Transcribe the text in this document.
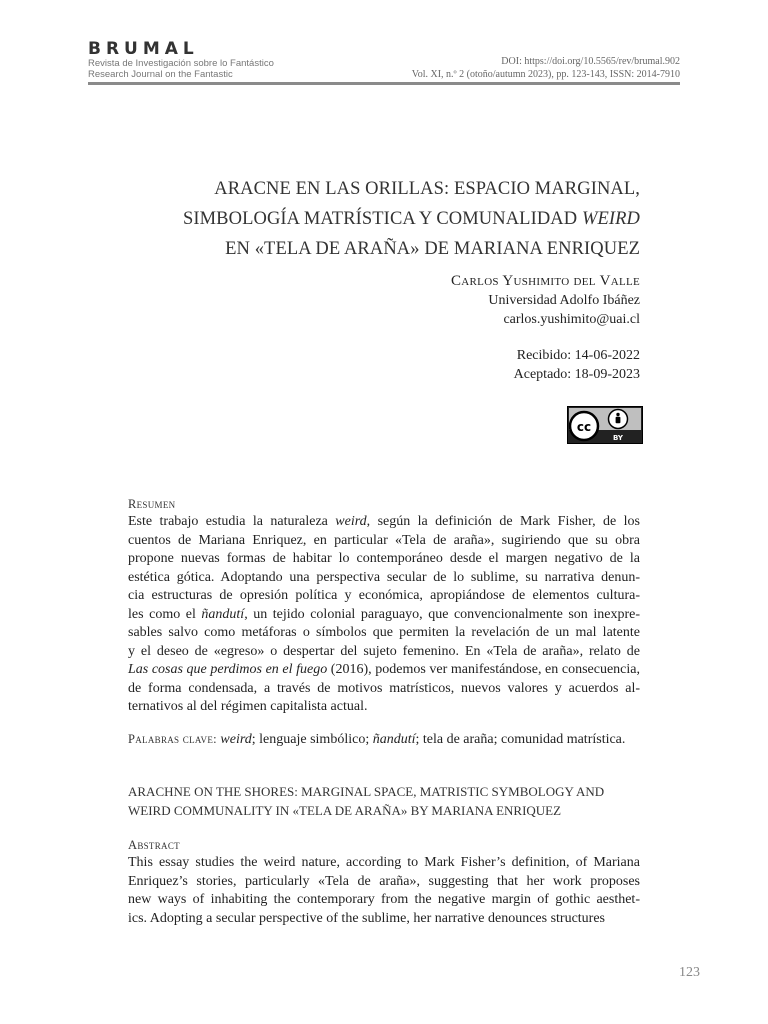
BRUMAL
Revista de Investigación sobre lo Fantástico
Research Journal on the Fantastic
DOI: https://doi.org/10.5565/rev/brumal.902
Vol. XI, n.º 2 (otoño/autumn 2023), pp. 123-143, ISSN: 2014-7910
ARACNE EN LAS ORILLAS: ESPACIO MARGINAL,
SIMBOLOGÍA MATRÍSTICA Y COMUNALIDAD WEIRD
EN «TELA DE ARAÑA» DE MARIANA ENRIQUEZ
Carlos Yushimito del Valle
Universidad Adolfo Ibáñez
carlos.yushimito@uai.cl
Recibido: 14-06-2022
Aceptado: 18-09-2023
cc
BY
Resumen
Este trabajo estudia la naturaleza weird, según la definición de Mark Fisher, de los
cuentos de Mariana Enriquez, en particular «Tela de araña», sugiriendo que su obra
propone nuevas formas de habitar lo contemporáneo desde el margen negativo de la
estética gótica. Adoptando una perspectiva secular de lo sublime, su narrativa denun-
cia estructuras de opresión política y económica, apropiándose de elementos cultura-
les como el ñandutí, un tejido colonial paraguayo, que convencionalmente son inexpre-
sables salvo como metáforas o símbolos que permiten la revelación de un mal latente
y el deseo de «egreso» o despertar del sujeto femenino. En «Tela de araña», relato de
Las cosas que perdimos en el fuego (2016), podemos ver manifestándose, en consecuencia,
de forma condensada, a través de motivos matrísticos, nuevos valores y acuerdos al-
ternativos al del régimen capitalista actual.
Palabras clave: weird; lenguaje simbólico; ñandutí; tela de araña; comunidad matrística.
ARACHNE ON THE SHORES: MARGINAL SPACE, MATRISTIC SYMBOLOGY AND
WEIRD COMMUNALITY IN «TELA DE ARAÑA» BY MARIANA ENRIQUEZ
Abstract
This essay studies the weird nature, according to Mark Fisher’s definition, of Mariana
Enriquez’s stories, particularly «Tela de araña», suggesting that her work proposes
new ways of inhabiting the contemporary from the negative margin of gothic aesthet-
ics. Adopting a secular perspective of the sublime, her narrative denounces structures
123
